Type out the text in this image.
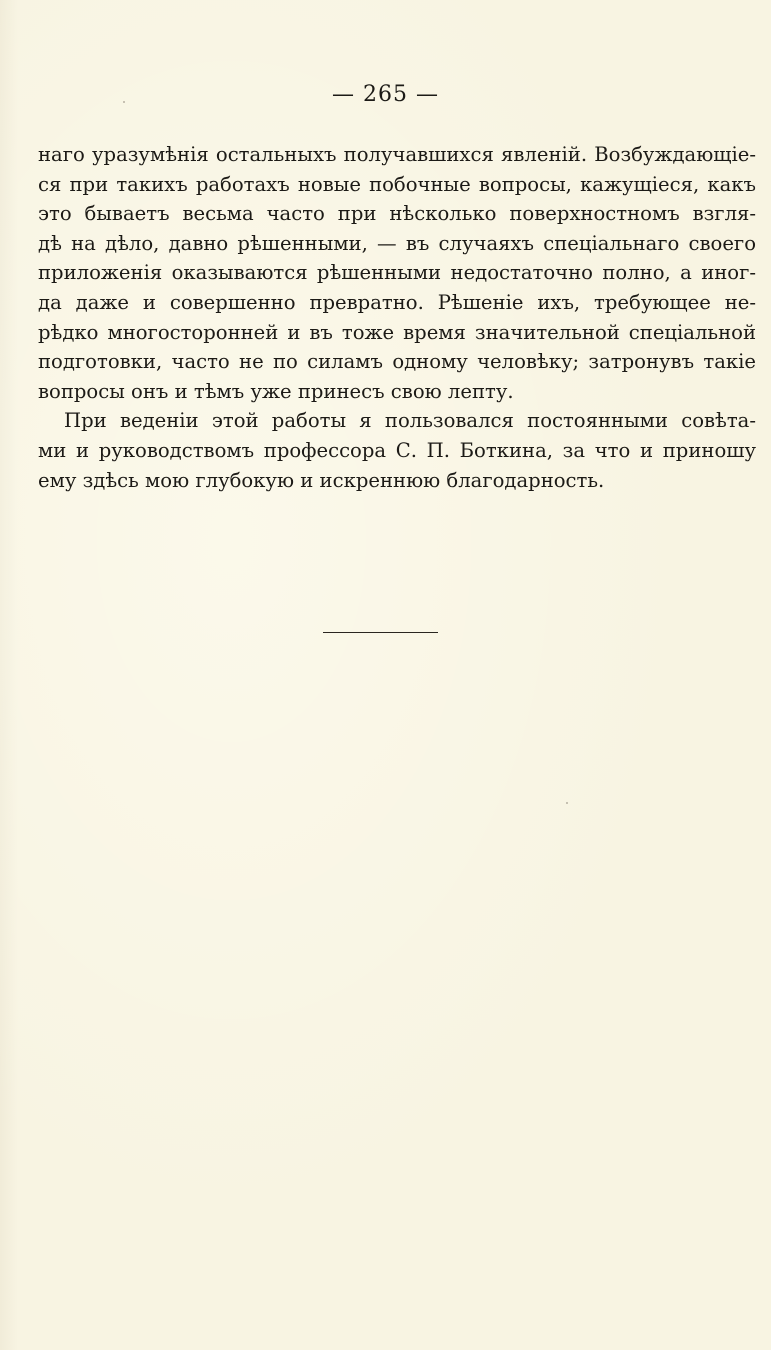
— 265 —
наго уразумѣнія остальныхъ получавшихся явленій. Возбуждающіе-
ся при такихъ работахъ новые побочные вопросы, кажущіеся, какъ
это бываетъ весьма часто при нѣсколько поверхностномъ взгля-
дѣ на дѣло, давно рѣшенными, — въ случаяхъ спеціальнаго своего
приложенія оказываются рѣшенными недостаточно полно, а иног-
да даже и совершенно превратно. Рѣшеніе ихъ, требующее не-
рѣдко многосторонней и въ тоже время значительной спеціальной
подготовки, часто не по силамъ одному человѣку; затронувъ такіе
вопросы онъ и тѣмъ уже принесъ свою лепту.
При веденіи этой работы я пользовался постоянными совѣта-
ми и руководствомъ профессора С. П. Боткина, за что и приношу
ему здѣсь мою глубокую и искреннюю благодарность.
